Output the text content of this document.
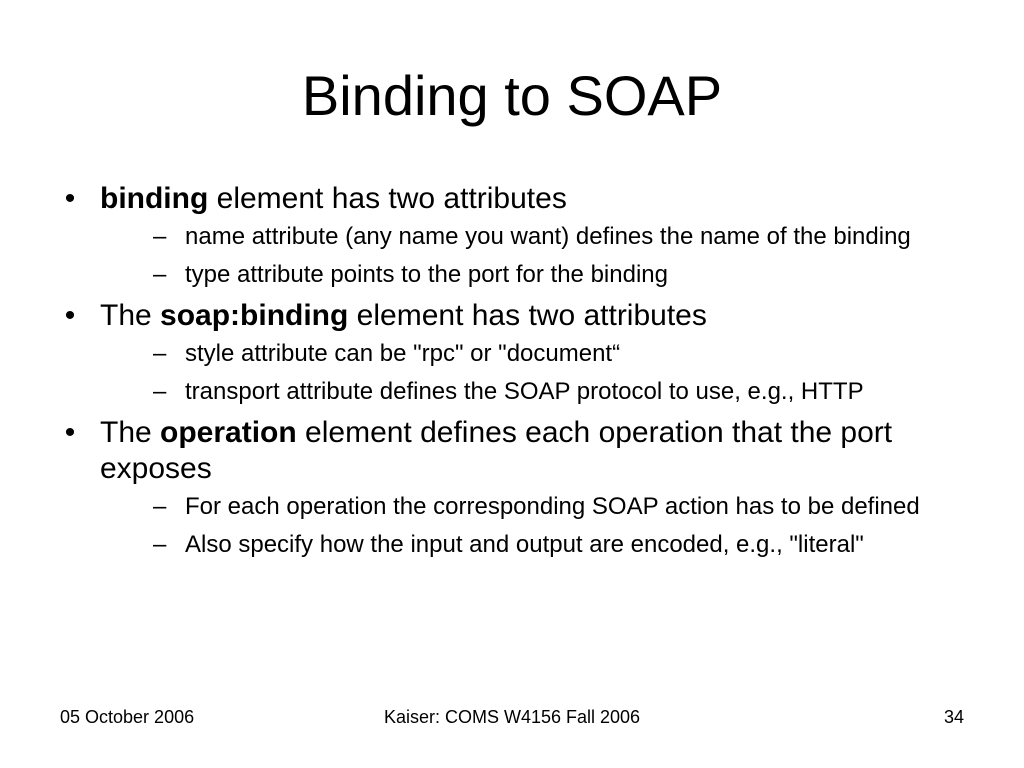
Binding to SOAP
• binding element has two attributes
– name attribute (any name you want) defines the name of the binding
– type attribute points to the port for the binding
• The soap:binding element has two attributes
– style attribute can be "rpc" or "document“
– transport attribute defines the SOAP protocol to use, e.g., HTTP
• The operation element defines each operation that the port exposes
– For each operation the corresponding SOAP action has to be defined
– Also specify how the input and output are encoded, e.g., "literal"
Kaiser: COMS W4156 Fall 2006
05 October 2006	34
